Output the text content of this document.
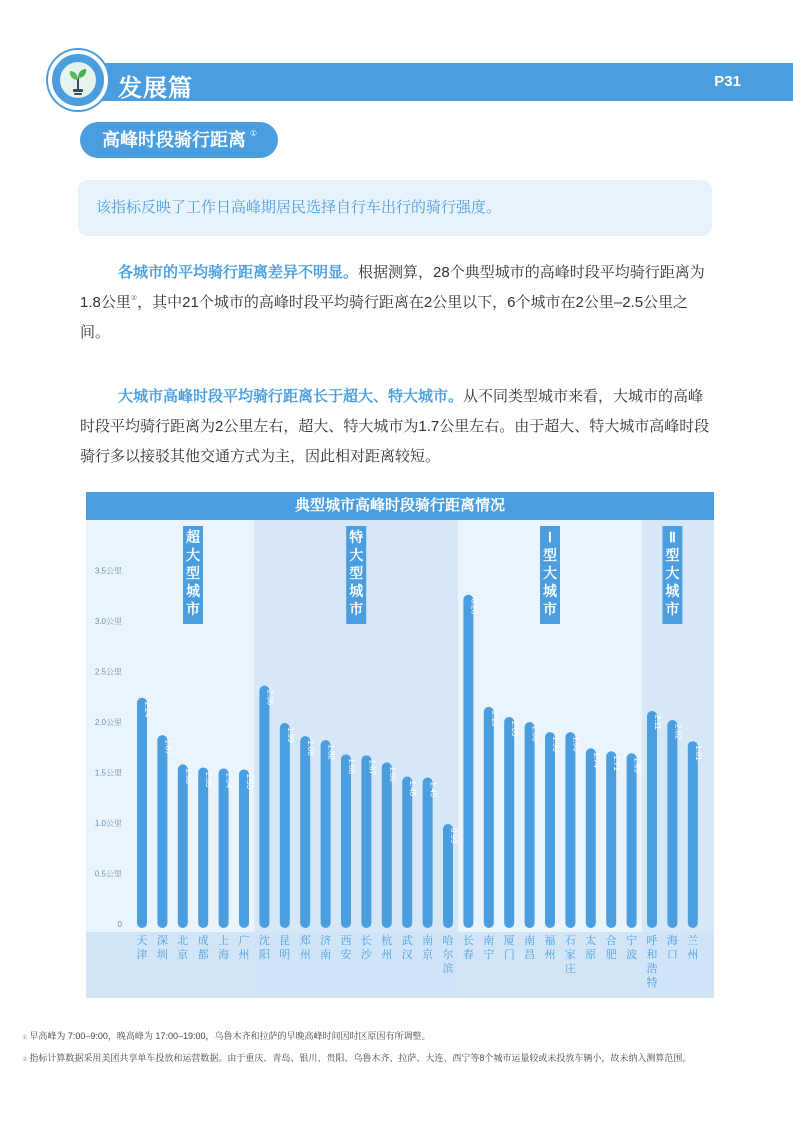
发展篇	P31
高峰时段骑行距离 ①
该指标反映了工作日高峰期居民选择自行车出行的骑行强度。
各城市的平均骑行距离差异不明显。根据测算，28个典型城市的高峰时段平均骑行距离为1.8公里②，其中21个城市的高峰时段平均骑行距离在2公里以下，6个城市在2公里–2.5公里之间。
大城市高峰时段平均骑行距离长于超大、特大城市。从不同类型城市来看，大城市的高峰时段平均骑行距离为2公里左右，超大、特大城市为1.7公里左右。由于超大、特大城市高峰时段骑行多以接驳其他交通方式为主，因此相对距离较短。
典型城市高峰时段骑行距离情况
0
0.5公里
1.0公里
1.5公里
2.0公里
2.5公里
3.0公里
3.5公里
超
大
型
城
市
特
大
型
城
市
Ⅰ
型
大
城
市
Ⅱ
型
大
城
市
2.24
天
津
1.87
深
圳
1.58
北
京
1.55
成
都
1.54
上
海
1.53
广
州
2.36
沈
阳
1.99
昆
明
1.86
郑
州
1.82
济
南
1.68
西
安
1.67
长
沙
1.60
杭
州
1.46
武
汉
1.45
南
京
0.99
哈
尔
滨
3.26
长
春
2.15
南
宁
2.05
厦
门
2.00
南
昌
1.90
福
州
1.90
石
家
庄
1.74
太
原
1.71
合
肥
1.69
宁
波
2.11
呼
和
浩
特
2.02
海
口
1.81
兰
州
① 早高峰为 7:00–9:00，晚高峰为 17:00–19:00，乌鲁木齐和拉萨的早晚高峰时间因时区原因有所调整。
② 指标计算数据采用美团共享单车投放和运营数据。由于重庆、青岛、银川、贵阳、乌鲁木齐、拉萨、大连、西宁等8个城市运量较或未投放车辆小，故未纳入测算范围。
